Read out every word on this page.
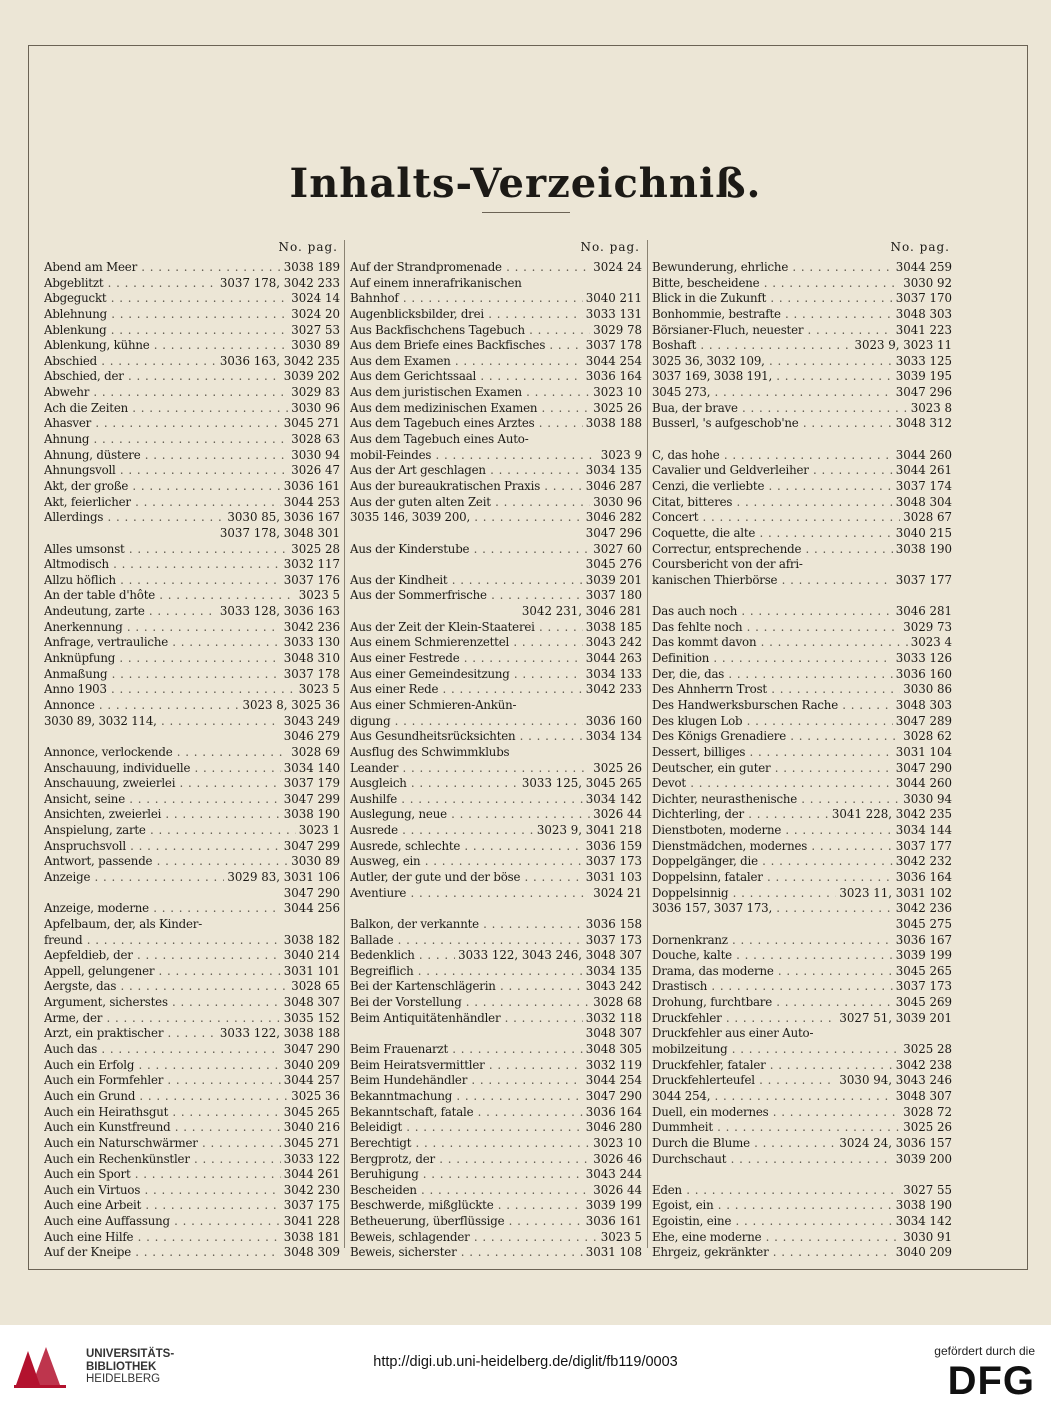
Inhalts-Verzeichniß.
No. pag.
Abend am Meer . . .	3038 189
Abgeblitzt . . .	3037 178, 3042 233
Abgeguckt . . .	3024 14
Ablehnung . . .	3024 20
Ablenkung . . .	3027 53
Ablenkung, kühne . . .	3030 89
Abschied . . .	3036 163, 3042 235
Abschied, der . . .	3039 202
Abwehr . . .	3029 83
Ach die Zeiten . . .	3030 96
Ahasver . . .	3045 271
Ahnung . . .	3028 63
Ahnung, düstere . . .	3030 94
Ahnungsvoll . . .	3026 47
Akt, der große . . .	3036 161
Akt, feierlicher . . .	3044 253
Allerdings . . .	3030 85, 3036 167
3037 178, 3048 301
Alles umsonst . . .	3025 28
Altmodisch . . .	3032 117
Allzu höflich . . .	3037 176
An der table d'hôte . . .	3023 5
Andeutung, zarte . . .	3033 128, 3036 163
Anerkennung . . .	3042 236
Anfrage, vertrauliche . . .	3033 130
Anknüpfung . . .	3048 310
Anmaßung . . .	3037 178
Anno 1903 . . .	3023 5
Annonce . . .	3023 8, 3025 36
3030 89, 3032 114, . . .	3043 249
3046 279
Annonce, verlockende . . .	3028 69
Anschauung, individuelle . . .	3034 140
Anschauung, zweierlei . . .	3037 179
Ansicht, seine . . .	3047 299
Ansichten, zweierlei . . .	3038 190
Anspielung, zarte . . .	3023 1
Anspruchsvoll . . .	3047 299
Antwort, passende . . .	3030 89
Anzeige . . .	3029 83, 3031 106
3047 290
Anzeige, moderne . . .	3044 256
Apfelbaum, der, als Kinder-
freund . . .	3038 182
Aepfeldieb, der . . .	3040 214
Appell, gelungener . . .	3031 101
Aergste, das . . .	3028 65
Argument, sicherstes . . .	3048 307
Arme, der . . .	3035 152
Arzt, ein praktischer . . .	3033 122, 3038 188
Auch das . . .	3047 290
Auch ein Erfolg . . .	3040 209
Auch ein Formfehler . . .	3044 257
Auch ein Grund . . .	3025 36
Auch ein Heirathsgut . . .	3045 265
Auch ein Kunstfreund . . .	3040 216
Auch ein Naturschwärmer . . .	3045 271
Auch ein Rechenkünstler . . .	3033 122
Auch ein Sport . . .	3044 261
Auch ein Virtuos . . .	3042 230
Auch eine Arbeit . . .	3037 175
Auch eine Auffassung . . .	3041 228
Auch eine Hilfe . . .	3038 181
Auf der Kneipe . . .	3048 309
No. pag.
Auf der Strandpromenade . . .	3024 24
Auf einem innerafrikanischen
Bahnhof . . .	3040 211
Augenblicksbilder, drei . . .	3033 131
Aus Backfischchens Tagebuch . . .	3029 78
Aus dem Briefe eines Backfisches . . .	3037 178
Aus dem Examen . . .	3044 254
Aus dem Gerichtssaal . . .	3036 164
Aus dem juristischen Examen . . .	3023 10
Aus dem medizinischen Examen . . .	3025 26
Aus dem Tagebuch eines Arztes . . .	3038 188
Aus dem Tagebuch eines Auto-
mobil-Feindes . . .	3023 9
Aus der Art geschlagen . . .	3034 135
Aus der bureaukratischen Praxis . . .	3046 287
Aus der guten alten Zeit . . .	3030 96
3035 146, 3039 200, . . .	3046 282
3047 296
Aus der Kinderstube . . .	3027 60
3045 276
Aus der Kindheit . . .	3039 201
Aus der Sommerfrische . . .	3037 180
3042 231, 3046 281
Aus der Zeit der Klein-Staaterei . . .	3038 185
Aus einem Schmierenzettel . . .	3043 242
Aus einer Festrede . . .	3044 263
Aus einer Gemeindesitzung . . .	3034 133
Aus einer Rede . . .	3042 233
Aus einer Schmieren-Ankün-
digung . . .	3036 160
Aus Gesundheitsrücksichten . . .	3034 134
Ausflug des Schwimmklubs
Leander . . .	3025 26
Ausgleich . . .	3033 125, 3045 265
Aushilfe . . .	3034 142
Auslegung, neue . . .	3026 44
Ausrede . . .	3023 9, 3041 218
Ausrede, schlechte . . .	3036 159
Ausweg, ein . . .	3037 173
Autler, der gute und der böse . . .	3031 103
Aventiure . . .	3024 21
Balkon, der verkannte . . .	3036 158
Ballade . . .	3037 173
Bedenklich . . .	3033 122, 3043 246, 3048 307
Begreiflich . . .	3034 135
Bei der Kartenschlägerin . . .	3043 242
Bei der Vorstellung . . .	3028 68
Beim Antiquitätenhändler . . .	3032 118
3048 307
Beim Frauenarzt . . .	3048 305
Beim Heiratsvermittler . . .	3032 119
Beim Hundehändler . . .	3044 254
Bekanntmachung . . .	3047 290
Bekanntschaft, fatale . . .	3036 164
Beleidigt . . .	3046 280
Berechtigt . . .	3023 10
Bergprotz, der . . .	3026 46
Beruhigung . . .	3043 244
Bescheiden . . .	3026 44
Beschwerde, mißglückte . . .	3039 199
Betheuerung, überflüssige . . .	3036 161
Beweis, schlagender . . .	3023 5
Beweis, sicherster . . .	3031 108
No. pag.
Bewunderung, ehrliche . . .	3044 259
Bitte, bescheidene . . .	3030 92
Blick in die Zukunft . . .	3037 170
Bonhommie, bestrafte . . .	3048 303
Börsianer-Fluch, neuester . . .	3041 223
Boshaft . . .	3023 9, 3023 11
3025 36, 3032 109, . . .	3033 125
3037 169, 3038 191, . . .	3039 195
3045 273, . . .	3047 296
Bua, der brave . . .	3023 8
Busserl, 's aufgeschob'ne . . .	3048 312
C, das hohe . . .	3044 260
Cavalier und Geldverleiher . . .	3044 261
Cenzi, die verliebte . . .	3037 174
Citat, bitteres . . .	3048 304
Concert . . .	3028 67
Coquette, die alte . . .	3040 215
Correctur, entsprechende . . .	3038 190
Coursbericht von der afri-
kanischen Thierbörse . . .	3037 177
Das auch noch . . .	3046 281
Das fehlte noch . . .	3029 73
Das kommt davon . . .	3023 4
Definition . . .	3033 126
Der, die, das . . .	3036 160
Des Ahnherrn Trost . . .	3030 86
Des Handwerksburschen Rache . . .	3048 303
Des klugen Lob . . .	3047 289
Des Königs Grenadiere . . .	3028 62
Dessert, billiges . . .	3031 104
Deutscher, ein guter . . .	3047 290
Devot . . .	3044 260
Dichter, neurasthenische . . .	3030 94
Dichterling, der . . .	3041 228, 3042 235
Dienstboten, moderne . . .	3034 144
Dienstmädchen, modernes . . .	3037 177
Doppelgänger, die . . .	3042 232
Doppelsinn, fataler . . .	3036 164
Doppelsinnig . . .	3023 11, 3031 102
3036 157, 3037 173, . . .	3042 236
3045 275
Dornenkranz . . .	3036 167
Douche, kalte . . .	3039 199
Drama, das moderne . . .	3045 265
Drastisch . . .	3037 173
Drohung, furchtbare . . .	3045 269
Druckfehler . . .	3027 51, 3039 201
Druckfehler aus einer Auto-
mobilzeitung . . .	3025 28
Druckfehler, fataler . . .	3042 238
Druckfehlerteufel . . .	3030 94, 3043 246
3044 254, . . .	3048 307
Duell, ein modernes . . .	3028 72
Dummheit . . .	3025 26
Durch die Blume . . .	3024 24, 3036 157
Durchschaut . . .	3039 200
Eden . . .	3027 55
Egoist, ein . . .	3038 190
Egoistin, eine . . .	3034 142
Ehe, eine moderne . . .	3030 91
Ehrgeiz, gekränkter . . .	3040 209
UNIVERSITÄTS-
BIBLIOTHEK
HEIDELBERG
http://digi.ub.uni-heidelberg.de/diglit/fb119/0003
gefördert durch die
DFG
